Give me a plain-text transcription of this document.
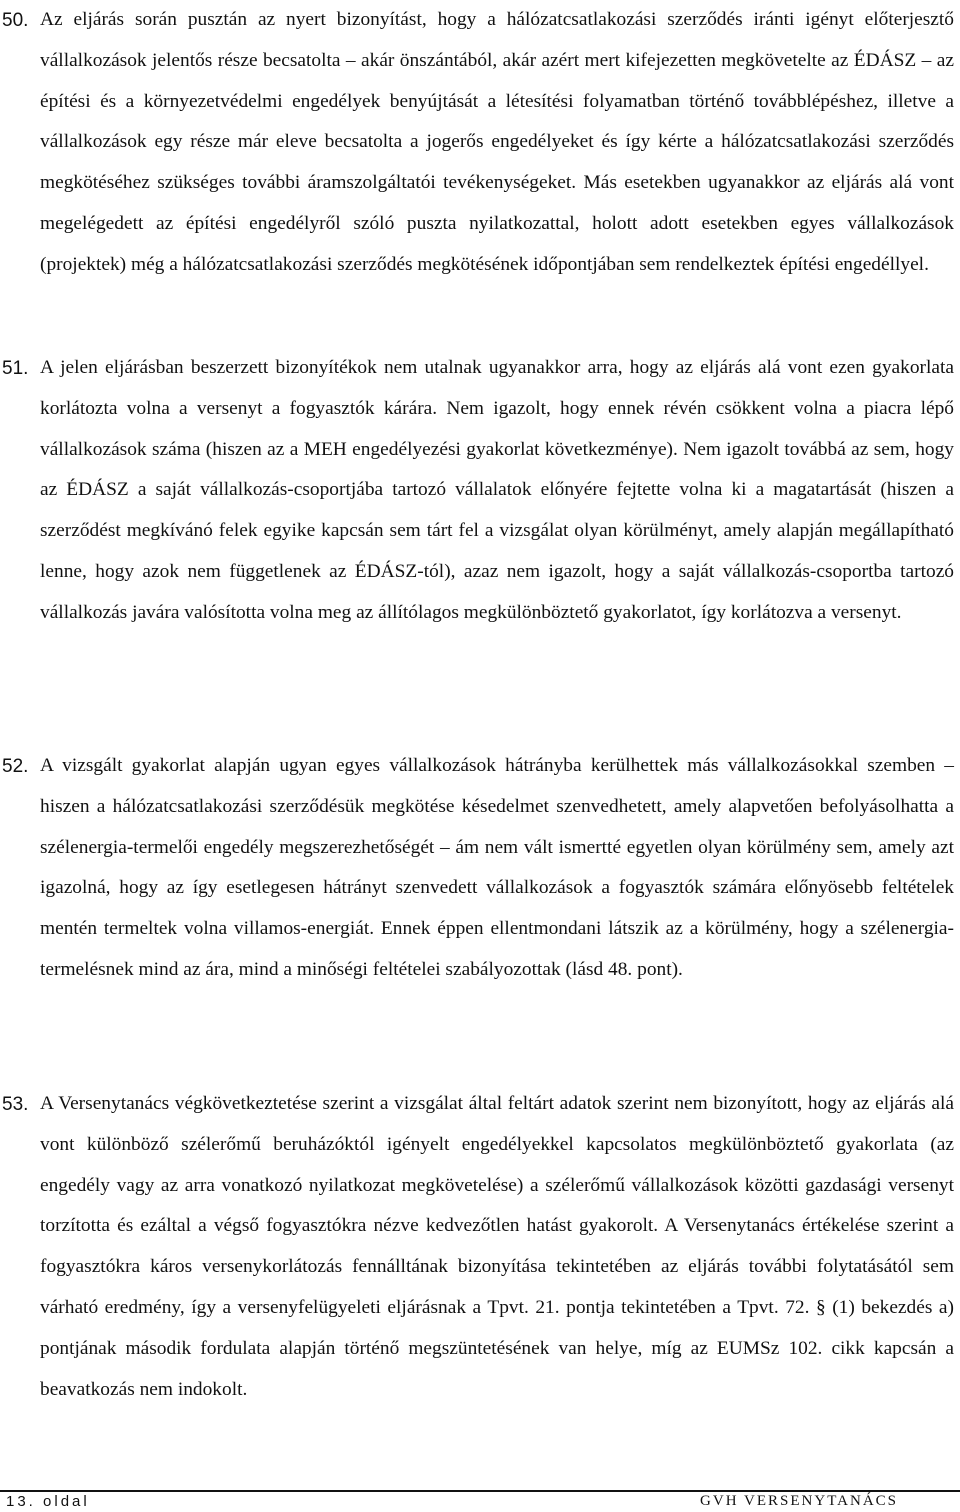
50. Az eljárás során pusztán az nyert bizonyítást, hogy a hálózatcsatlakozási szerződés iránti igényt előterjesztő vállalkozások jelentős része becsatolta – akár önszántából, akár azért mert kifejezetten megkövetelte az ÉDÁSZ – az építési és a környezetvédelmi engedélyek benyújtását a létesítési folyamatban történő továbblépéshez, illetve a vállalkozások egy része már eleve becsatolta a jogerős engedélyeket és így kérte a hálózatcsatlakozási szerződés megkötéséhez szükséges további áramszolgáltatói tevékenységeket. Más esetekben ugyanakkor az eljárás alá vont megelégedett az építési engedélyről szóló puszta nyilatkozattal, holott adott esetekben egyes vállalkozások (projektek) még a hálózatcsatlakozási szerződés megkötésének időpontjában sem rendelkeztek építési engedéllyel.
51. A jelen eljárásban beszerzett bizonyítékok nem utalnak ugyanakkor arra, hogy az eljárás alá vont ezen gyakorlata korlátozta volna a versenyt a fogyasztók kárára. Nem igazolt, hogy ennek révén csökkent volna a piacra lépő vállalkozások száma (hiszen az a MEH engedélyezési gyakorlat következménye). Nem igazolt továbbá az sem, hogy az ÉDÁSZ a saját vállalkozás-csoportjába tartozó vállalatok előnyére fejtette volna ki a magatartását (hiszen a szerződést megkívánó felek egyike kapcsán sem tárt fel a vizsgálat olyan körülményt, amely alapján megállapítható lenne, hogy azok nem függetlenek az ÉDÁSZ-tól), azaz nem igazolt, hogy a saját vállalkozás-csoportba tartozó vállalkozás javára valósította volna meg az állítólagos megkülönböztető gyakorlatot, így korlátozva a versenyt.
52. A vizsgált gyakorlat alapján ugyan egyes vállalkozások hátrányba kerülhettek más vállalkozásokkal szemben – hiszen a hálózatcsatlakozási szerződésük megkötése késedelmet szenvedhetett, amely alapvetően befolyásolhatta a szélenergia-termelői engedély megszerezhetőségét – ám nem vált ismertté egyetlen olyan körülmény sem, amely azt igazolná, hogy az így esetlegesen hátrányt szenvedett vállalkozások a fogyasztók számára előnyösebb feltételek mentén termeltek volna villamos-energiát. Ennek éppen ellentmondani látszik az a körülmény, hogy a szélenergia-termelésnek mind az ára, mind a minőségi feltételei szabályozottak (lásd 48. pont).
53. A Versenytanács végkövetkeztetése szerint a vizsgálat által feltárt adatok szerint nem bizonyított, hogy az eljárás alá vont különböző szélerőmű beruházóktól igényelt engedélyekkel kapcsolatos megkülönböztető gyakorlata (az engedély vagy az arra vonatkozó nyilatkozat megkövetelése) a szélerőmű vállalkozások közötti gazdasági versenyt torzította és ezáltal a végső fogyasztókra nézve kedvezőtlen hatást gyakorolt. A Versenytanács értékelése szerint a fogyasztókra káros versenykorlátozás fennálltának bizonyítása tekintetében az eljárás további folytatásától sem várható eredmény, így a versenyfelügyeleti eljárásnak a Tpvt. 21. pontja tekintetében a Tpvt. 72. § (1) bekezdés a) pontjának második fordulata alapján történő megszüntetésének van helye, míg az EUMSz 102. cikk kapcsán a beavatkozás nem indokolt.
13. oldal	GVH VERSENYTANÁCS
